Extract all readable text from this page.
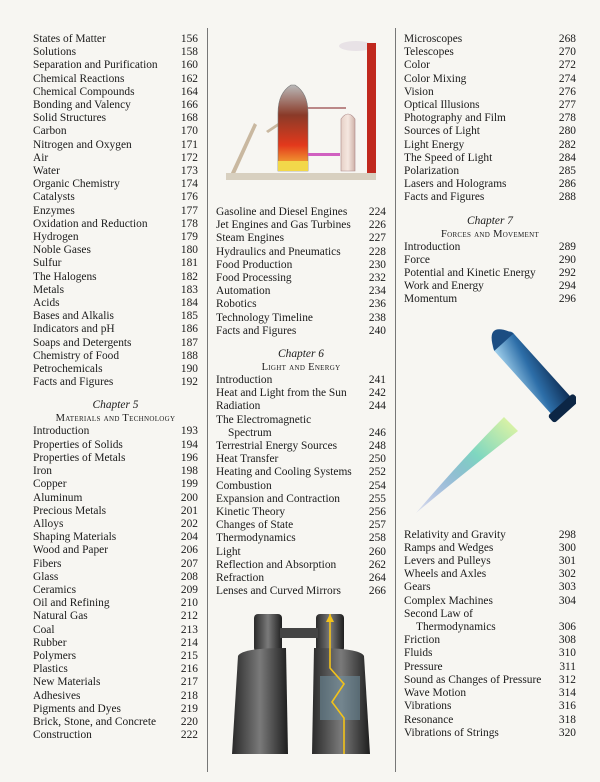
States of Matter	156
Solutions	158
Separation and Purification	160
Chemical Reactions	162
Chemical Compounds	164
Bonding and Valency	166
Solid Structures	168
Carbon	170
Nitrogen and Oxygen	171
Air	172
Water	173
Organic Chemistry	174
Catalysts	176
Enzymes	177
Oxidation and Reduction	178
Hydrogen	179
Noble Gases	180
Sulfur	181
The Halogens	182
Metals	183
Acids	184
Bases and Alkalis	185
Indicators and pH	186
Soaps and Detergents	187
Chemistry of Food	188
Petrochemicals	190
Facts and Figures	192
Chapter 5
Materials and Technology
Introduction	193
Properties of Solids	194
Properties of Metals	196
Iron	198
Copper	199
Aluminum	200
Precious Metals	201
Alloys	202
Shaping Materials	204
Wood and Paper	206
Fibers	207
Glass	208
Ceramics	209
Oil and Refining	210
Natural Gas	212
Coal	213
Rubber	214
Polymers	215
Plastics	216
New Materials	217
Adhesives	218
Pigments and Dyes	219
Brick, Stone, and Concrete	220
Construction	222
Gasoline and Diesel Engines	224
Jet Engines and Gas Turbines	226
Steam Engines	227
Hydraulics and Pneumatics	228
Food Production	230
Food Processing	232
Automation	234
Robotics	236
Technology Timeline	238
Facts and Figures	240
Chapter 6
Light and Energy
Introduction	241
Heat and Light from the Sun	242
Radiation	244
The Electromagnetic
Spectrum	246
Terrestrial Energy Sources	248
Heat Transfer	250
Heating and Cooling Systems	252
Combustion	254
Expansion and Contraction	255
Kinetic Theory	256
Changes of State	257
Thermodynamics	258
Light	260
Reflection and Absorption	262
Refraction	264
Lenses and Curved Mirrors	266
Microscopes	268
Telescopes	270
Color	272
Color Mixing	274
Vision	276
Optical Illusions	277
Photography and Film	278
Sources of Light	280
Light Energy	282
The Speed of Light	284
Polarization	285
Lasers and Holograms	286
Facts and Figures	288
Chapter 7
Forces and Movement
Introduction	289
Force	290
Potential and Kinetic Energy	292
Work and Energy	294
Momentum	296
Relativity and Gravity	298
Ramps and Wedges	300
Levers and Pulleys	301
Wheels and Axles	302
Gears	303
Complex Machines	304
Second Law of
Thermodynamics	306
Friction	308
Fluids	310
Pressure	311
Sound as Changes of Pressure	312
Wave Motion	314
Vibrations	316
Resonance	318
Vibrations of Strings	320
